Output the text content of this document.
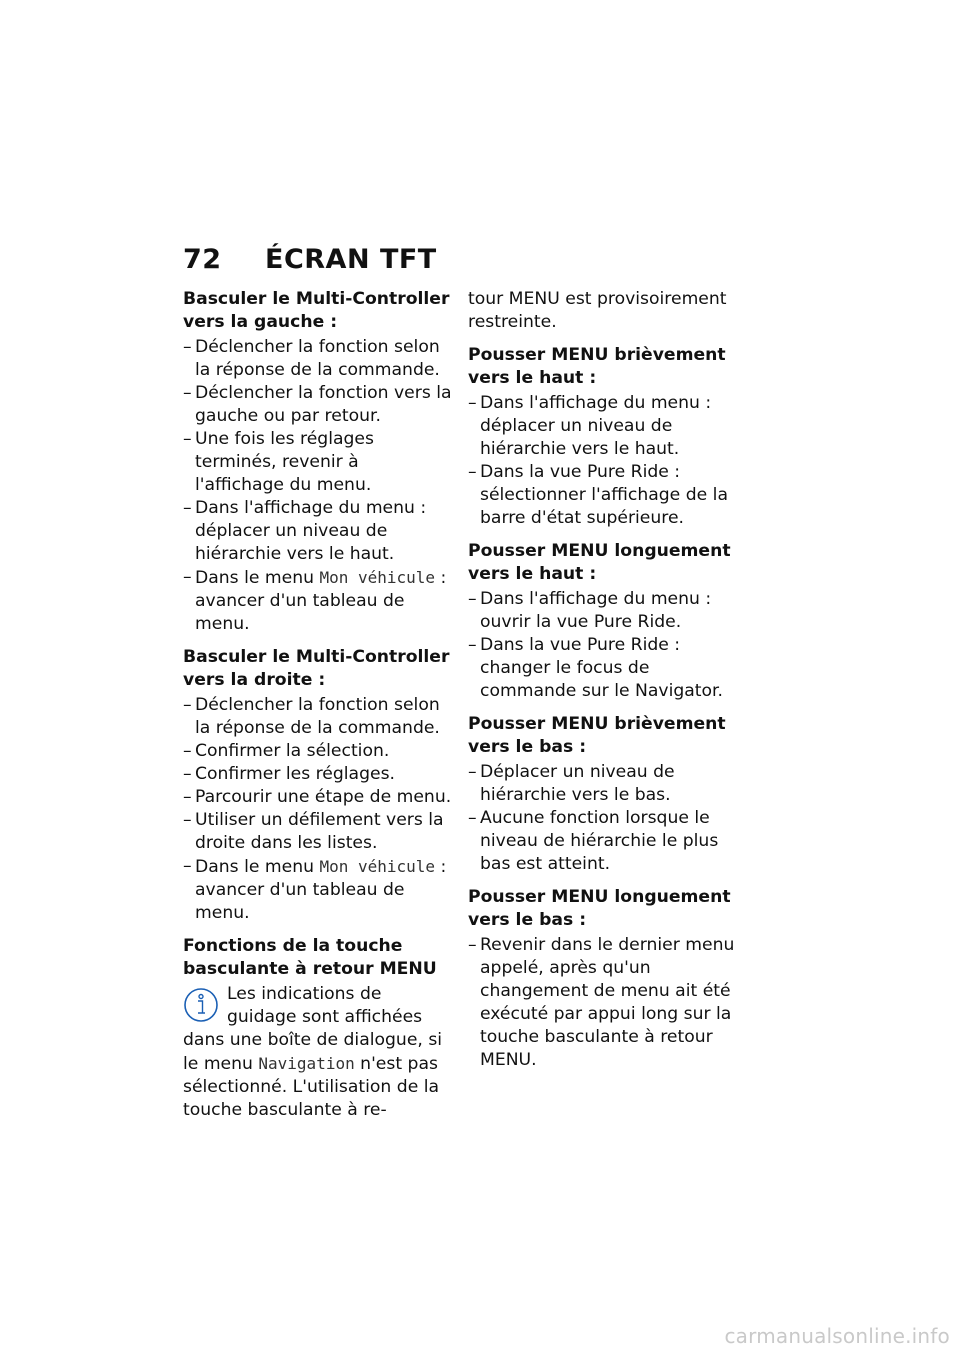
72 ÉCRAN TFT
Basculer le Multi-Controller vers la gauche :
– Déclencher la fonction selon la réponse de la commande.
– Déclencher la fonction vers la gauche ou par retour.
– Une fois les réglages terminés, revenir à l'affichage du menu.
– Dans l'affichage du menu : déplacer un niveau de hiérarchie vers le haut.
– Dans le menu Mon véhicule : avancer d'un tableau de menu.
Basculer le Multi-Controller vers la droite :
– Déclencher la fonction selon la réponse de la commande.
– Confirmer la sélection.
– Confirmer les réglages.
– Parcourir une étape de menu.
– Utiliser un défilement vers la droite dans les listes.
– Dans le menu Mon véhicule : avancer d'un tableau de menu.
Fonctions de la touche basculante à retour MENU
Les indications de guidage sont affichées dans une boîte de dialogue, si le menu Navigation n'est pas sélectionné. L'utilisation de la touche basculante à re-

tour MENU est provisoirement restreinte.

Pousser MENU brièvement vers le haut :
– Dans l'affichage du menu : déplacer un niveau de hiérarchie vers le haut.
– Dans la vue Pure Ride : sélectionner l'affichage de la barre d'état supérieure.
Pousser MENU longuement vers le haut :
– Dans l'affichage du menu : ouvrir la vue Pure Ride.
– Dans la vue Pure Ride : changer le focus de commande sur le Navigator.
Pousser MENU brièvement vers le bas :
– Déplacer un niveau de hiérarchie vers le bas.
– Aucune fonction lorsque le niveau de hiérarchie le plus bas est atteint.
Pousser MENU longuement vers le bas :
– Revenir dans le dernier menu appelé, après qu'un changement de menu ait été exécuté par appui long sur la touche basculante à retour MENU.
carmanualsonline.info
